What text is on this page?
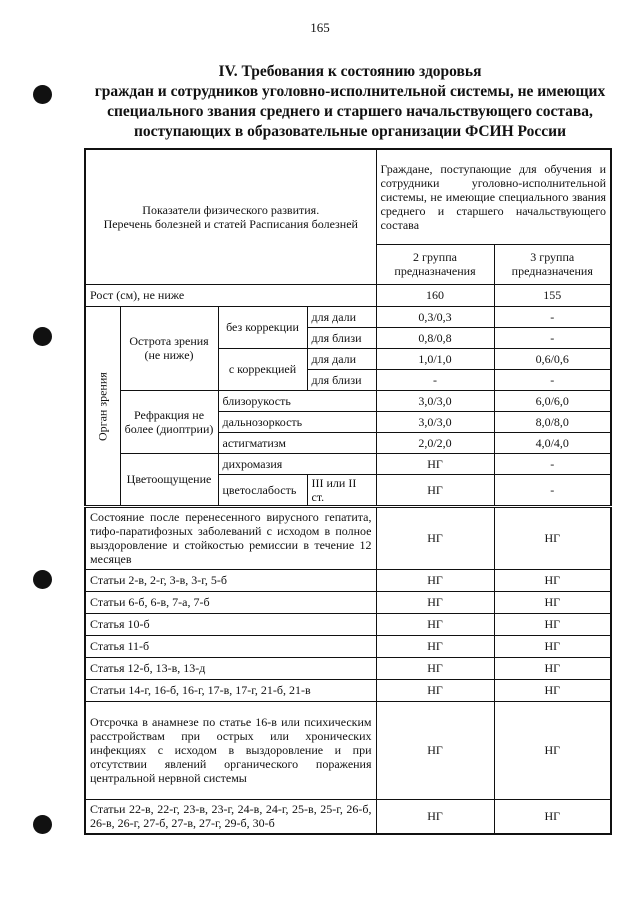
165
IV. Требования к состоянию здоровья
граждан и сотрудников уголовно-исполнительной системы, не имеющих
специального звания среднего и старшего начальствующего состава,
поступающих в образовательные организации ФСИН России
Показатели физического развития.
Перечень болезней и статей Расписания болезней				Граждане, поступающие для обучения и сотрудники уголовно-исполнительной системы, не имеющие специального звания среднего и старшего начальствующего состава	
				2 группа предназначения	3 группа предназначения
Рост (см), не ниже				160	155
Орган зрения	Острота зрения (не ниже)	без коррекции	для дали	0,3/0,3	-
			для близи	0,8/0,8	-
		с коррекцией	для дали	1,0/1,0	0,6/0,6
			для близи	-	-
	Рефракция не более (диоптрии)	близорукость		3,0/3,0	6,0/6,0
		дальнозоркость		3,0/3,0	8,0/8,0
		астигматизм		2,0/2,0	4,0/4,0
	Цветоощущение	дихромазия		НГ	-
		цветослабость	III или II ст.	НГ	-
Состояние после перенесенного вирусного гепатита, тифо-паратифозных заболеваний с исходом в полное выздоровление и стойкостью ремиссии в течение 12 месяцев				НГ	НГ
Статьи 2-в, 2-г, 3-в, 3-г, 5-б				НГ	НГ
Статьи 6-б, 6-в, 7-а, 7-б				НГ	НГ
Статья 10-б				НГ	НГ
Статья 11-б				НГ	НГ
Статья 12-б, 13-в, 13-д				НГ	НГ
Статьи 14-г, 16-б, 16-г, 17-в, 17-г, 21-б, 21-в				НГ	НГ
Отсрочка в анамнезе по статье 16-в или психическим расстройствам при острых или хронических инфекциях с исходом в выздоровление и при отсутствии явлений органического поражения центральной нервной системы				НГ	НГ
Статьи 22-в, 22-г, 23-в, 23-г, 24-в, 24-г, 25-в, 25-г, 26-б, 26-в, 26-г, 27-б, 27-в, 27-г, 29-б, 30-б				НГ	НГ
